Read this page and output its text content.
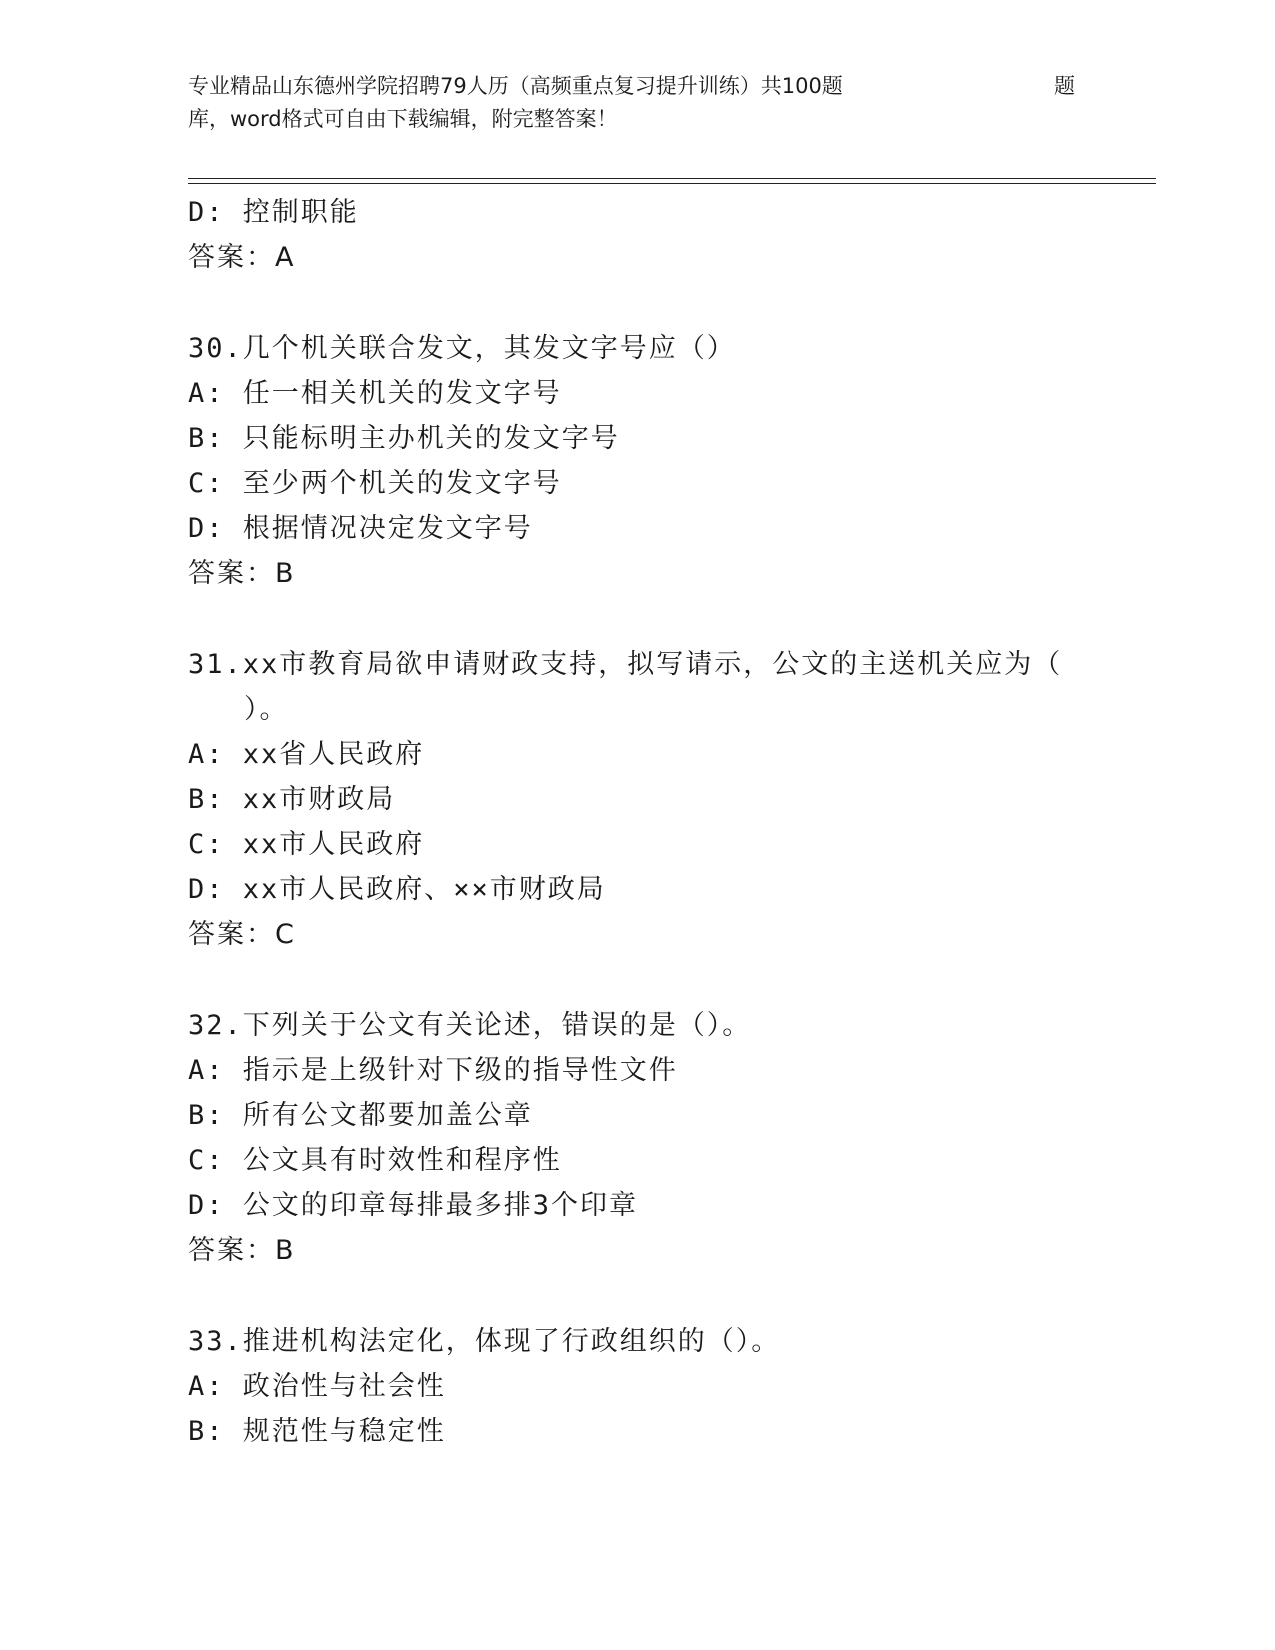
专业精品山东德州学院招聘79人历（高频重点复习提升训练）共100题	题
库，word格式可自由下载编辑，附完整答案！
D: 控制职能
答案：A
30.几个机关联合发文，其发文字号应（）
A: 任一相关机关的发文字号
B: 只能标明主办机关的发文字号
C: 至少两个机关的发文字号
D: 根据情况决定发文字号
答案：B
31.xx市教育局欲申请财政支持，拟写请示，公文的主送机关应为（
）。
A: xx省人民政府
B: xx市财政局
C: xx市人民政府
D: xx市人民政府、××市财政局
答案：C
32.下列关于公文有关论述，错误的是（）。
A: 指示是上级针对下级的指导性文件
B: 所有公文都要加盖公章
C: 公文具有时效性和程序性
D: 公文的印章每排最多排3个印章
答案：B
33.推进机构法定化，体现了行政组织的（）。
A: 政治性与社会性
B: 规范性与稳定性
